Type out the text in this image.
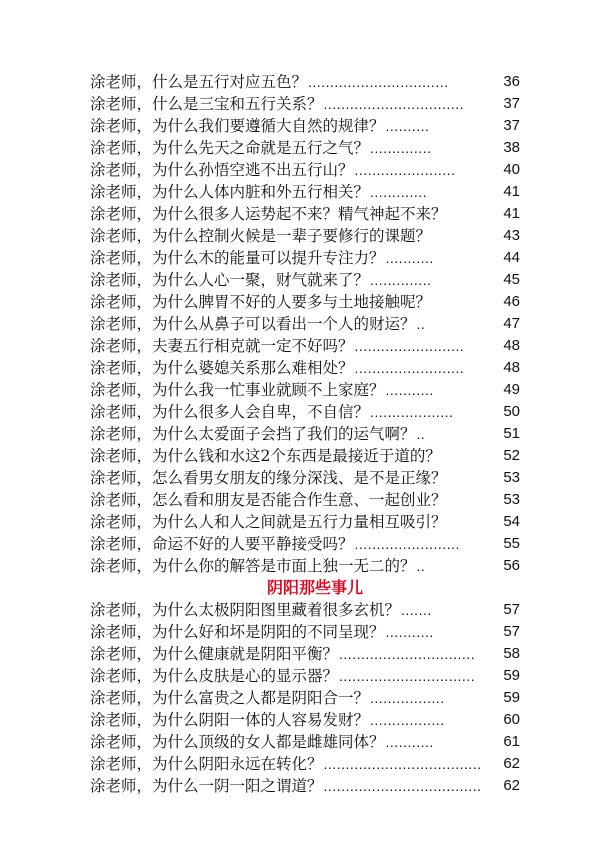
涂老师，什么是五行对应五色？ ................................	36
涂老师，什么是三宝和五行关系？ ................................	37
涂老师，为什么我们要遵循大自然的规律？ ..........	37
涂老师，为什么先天之命就是五行之气？ ..............	38
涂老师，为什么孙悟空逃不出五行山？ .......................	40
涂老师，为什么人体内脏和外五行相关？ .............	41
涂老师，为什么很多人运势起不来？精气神起不来？	41
涂老师，为什么控制火候是一辈子要修行的课题？	43
涂老师，为什么木的能量可以提升专注力？ ...........	44
涂老师，为什么人心一聚，财气就来了？ ..............	45
涂老师，为什么脾胃不好的人要多与土地接触呢？	46
涂老师，为什么从鼻子可以看出一个人的财运？ ..	47
涂老师，夫妻五行相克就一定不好吗？ .........................	48
涂老师，为什么婆媳关系那么难相处？ .........................	48
涂老师，为什么我一忙事业就顾不上家庭？ ...........	49
涂老师，为什么很多人会自卑，不自信？ ...................	50
涂老师，为什么太爱面子会挡了我们的运气啊？ ..	51
涂老师，为什么钱和水这2个东西是最接近于道的？	52
涂老师，怎么看男女朋友的缘分深浅、是不是正缘？	53
涂老师，怎么看和朋友是否能合作生意、一起创业？	53
涂老师，为什么人和人之间就是五行力量相互吸引？	54
涂老师，命运不好的人要平静接受吗？ ........................	55
涂老师，为什么你的解答是市面上独一无二的？ ..	56
阴阳那些事儿
涂老师，为什么太极阴阳图里藏着很多玄机？ .......	57
涂老师，为什么好和坏是阴阳的不同呈现？ ...........	57
涂老师，为什么健康就是阴阳平衡？ ...............................	58
涂老师，为什么皮肤是心的显示器？ ...............................	59
涂老师，为什么富贵之人都是阴阳合一？ .................	59
涂老师，为什么阴阳一体的人容易发财？ .................	60
涂老师，为什么顶级的女人都是雌雄同体？ ...........	61
涂老师，为什么阴阳永远在转化？ ....................................	62
涂老师，为什么一阴一阳之谓道？ ....................................	62
